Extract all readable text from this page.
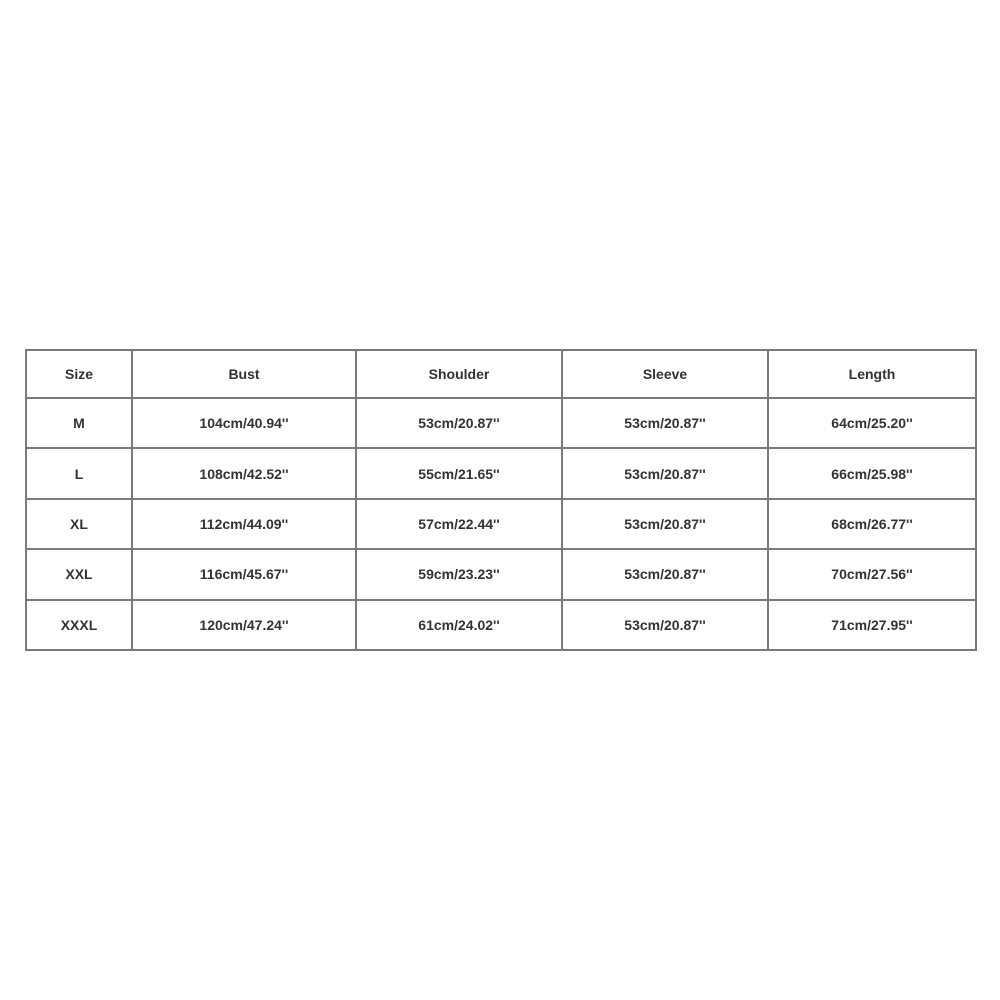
Size	Bust	Shoulder	Sleeve	Length
M	104cm/40.94''	53cm/20.87''	53cm/20.87''	64cm/25.20''
L	108cm/42.52''	55cm/21.65''	53cm/20.87''	66cm/25.98''
XL	112cm/44.09''	57cm/22.44''	53cm/20.87''	68cm/26.77''
XXL	116cm/45.67''	59cm/23.23''	53cm/20.87''	70cm/27.56''
XXXL	120cm/47.24''	61cm/24.02''	53cm/20.87''	71cm/27.95''
